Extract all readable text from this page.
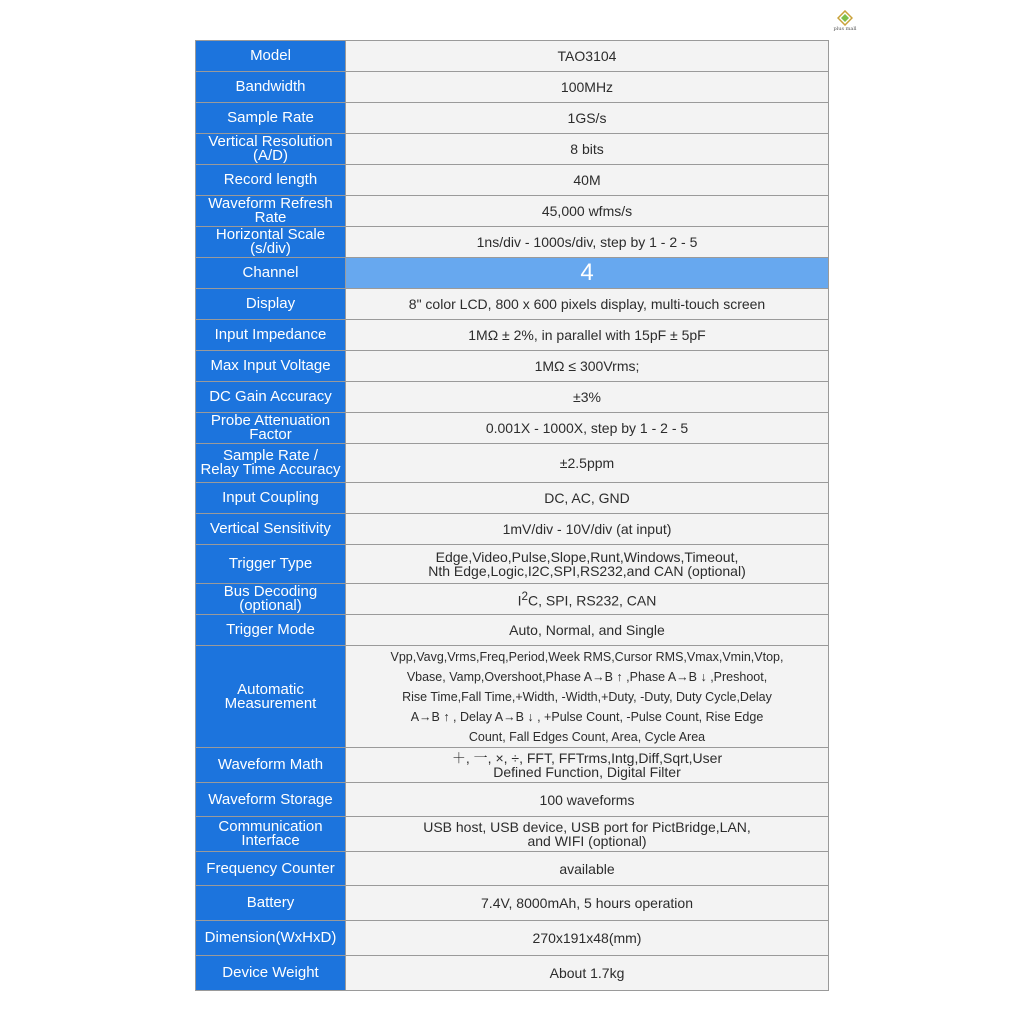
plus mall
Model	TAO3104
Bandwidth	100MHz
Sample Rate	1GS/s
Vertical Resolution
(A/D)	8 bits
Record length	40M
Waveform Refresh
Rate	45,000 wfms/s
Horizontal Scale
(s/div)	1ns/div - 1000s/div, step by 1 - 2 - 5
Channel	4
Display	8" color LCD, 800 x 600 pixels display, multi-touch screen
Input Impedance	1MΩ ± 2%, in parallel with 15pF ± 5pF
Max Input Voltage	1MΩ ≤ 300Vrms;
DC Gain Accuracy	±3%
Probe Attenuation
Factor	0.001X - 1000X, step by 1 - 2 - 5
Sample Rate /
Relay Time Accuracy	±2.5ppm
Input Coupling	DC, AC, GND
Vertical Sensitivity	1mV/div - 10V/div (at input)
Trigger Type	Edge,Video,Pulse,Slope,Runt,Windows,Timeout,
Nth Edge,Logic,I2C,SPI,RS232,and CAN (optional)
Bus Decoding
(optional)	$I^2C$, SPI, RS232, CAN
Trigger Mode	Auto, Normal, and Single
Automatic
Measurement	Vpp,Vavg,Vrms,Freq,Period,Week RMS,Cursor RMS,Vmax,Vmin,Vtop,
Vbase, Vamp,Overshoot,Phase A→B ↑ ,Phase A→B ↓ ,Preshoot,
Rise Time,Fall Time,+Width, -Width,+Duty, -Duty, Duty Cycle,Delay
A→B ↑ , Delay A→B ↓ , +Pulse Count, -Pulse Count, Rise Edge
Count, Fall Edges Count, Area, Cycle Area
Waveform Math	＋, 一, ×, ÷, FFT, FFTrms,Intg,Diff,Sqrt,User
Defined Function, Digital Filter
Waveform Storage	100 waveforms
Communication
Interface	USB host, USB device, USB port for PictBridge,LAN,
and WIFI (optional)
Frequency Counter	available
Battery	7.4V, 8000mAh, 5 hours operation
Dimension(WxHxD)	270x191x48(mm)
Device Weight	About 1.7kg
